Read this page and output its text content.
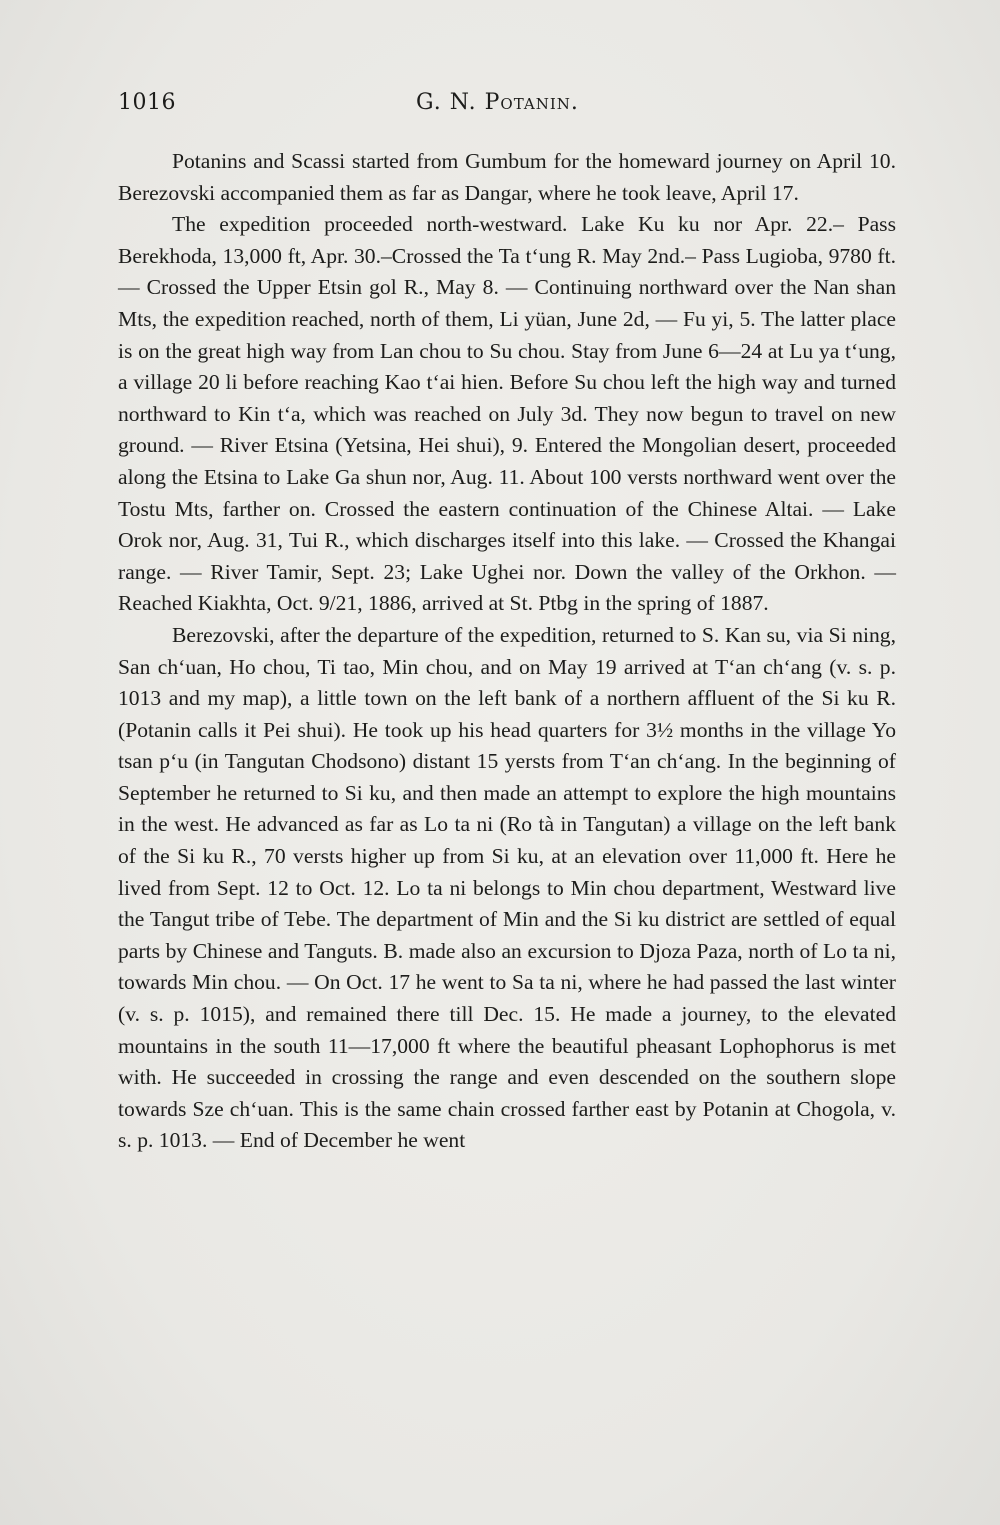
1016	G. N. Potanin.

Potanins and Scassi started from Gumbum for the homeward journey on April 10. Berezovski accompanied them as far as Dangar, where he took leave, April 17.

The expedition proceeded north-westward. Lake Ku ku nor Apr. 22.– Pass Berekhoda, 13,000 ft, Apr. 30.–Crossed the Ta t‘ung R. May 2nd.– Pass Lugioba, 9780 ft. — Crossed the Upper Etsin gol R., May 8. — Continuing northward over the Nan shan Mts, the expedition reached, north of them, Li yüan, June 2d, — Fu yi, 5. The latter place is on the great high way from Lan chou to Su chou. Stay from June 6—24 at Lu ya t‘ung, a village 20 li before reaching Kao t‘ai hien. Before Su chou left the high way and turned northward to Kin t‘a, which was reached on July 3d. They now begun to travel on new ground. — River Etsina (Yetsina, Hei shui), 9. Entered the Mongolian desert, proceeded along the Etsina to Lake Ga shun nor, Aug. 11. About 100 versts northward went over the Tostu Mts, farther on. Crossed the eastern continuation of the Chinese Altai. — Lake Orok nor, Aug. 31, Tui R., which discharges itself into this lake. — Crossed the Khangai range. — River Tamir, Sept. 23; Lake Ughei nor. Down the valley of the Orkhon. — Reached Kiakhta, Oct. 9/21, 1886, arrived at St. Ptbg in the spring of 1887.

Berezovski, after the departure of the expedition, returned to S. Kan su, via Si ning, San ch‘uan, Ho chou, Ti tao, Min chou, and on May 19 arrived at T‘an ch‘ang (v. s. p. 1013 and my map), a little town on the left bank of a northern affluent of the Si ku R. (Potanin calls it Pei shui). He took up his head quarters for 3½ months in the village Yo tsan p‘u (in Tangutan Chodsono) distant 15 yersts from T‘an ch‘ang. In the beginning of September he returned to Si ku, and then made an attempt to explore the high mountains in the west. He advanced as far as Lo ta ni (Ro tà in Tangutan) a village on the left bank of the Si ku R., 70 versts higher up from Si ku, at an elevation over 11,000 ft. Here he lived from Sept. 12 to Oct. 12. Lo ta ni belongs to Min chou department, Westward live the Tangut tribe of Tebe. The department of Min and the Si ku district are settled of equal parts by Chinese and Tanguts. B. made also an excursion to Djoza Paza, north of Lo ta ni, towards Min chou. — On Oct. 17 he went to Sa ta ni, where he had passed the last winter (v. s. p. 1015), and remained there till Dec. 15. He made a journey, to the elevated mountains in the south 11—17,000 ft where the beautiful pheasant Lophophorus is met with. He succeeded in crossing the range and even descended on the southern slope towards Sze ch‘uan. This is the same chain crossed farther east by Potanin at Chogola, v. s. p. 1013. — End of December he went
